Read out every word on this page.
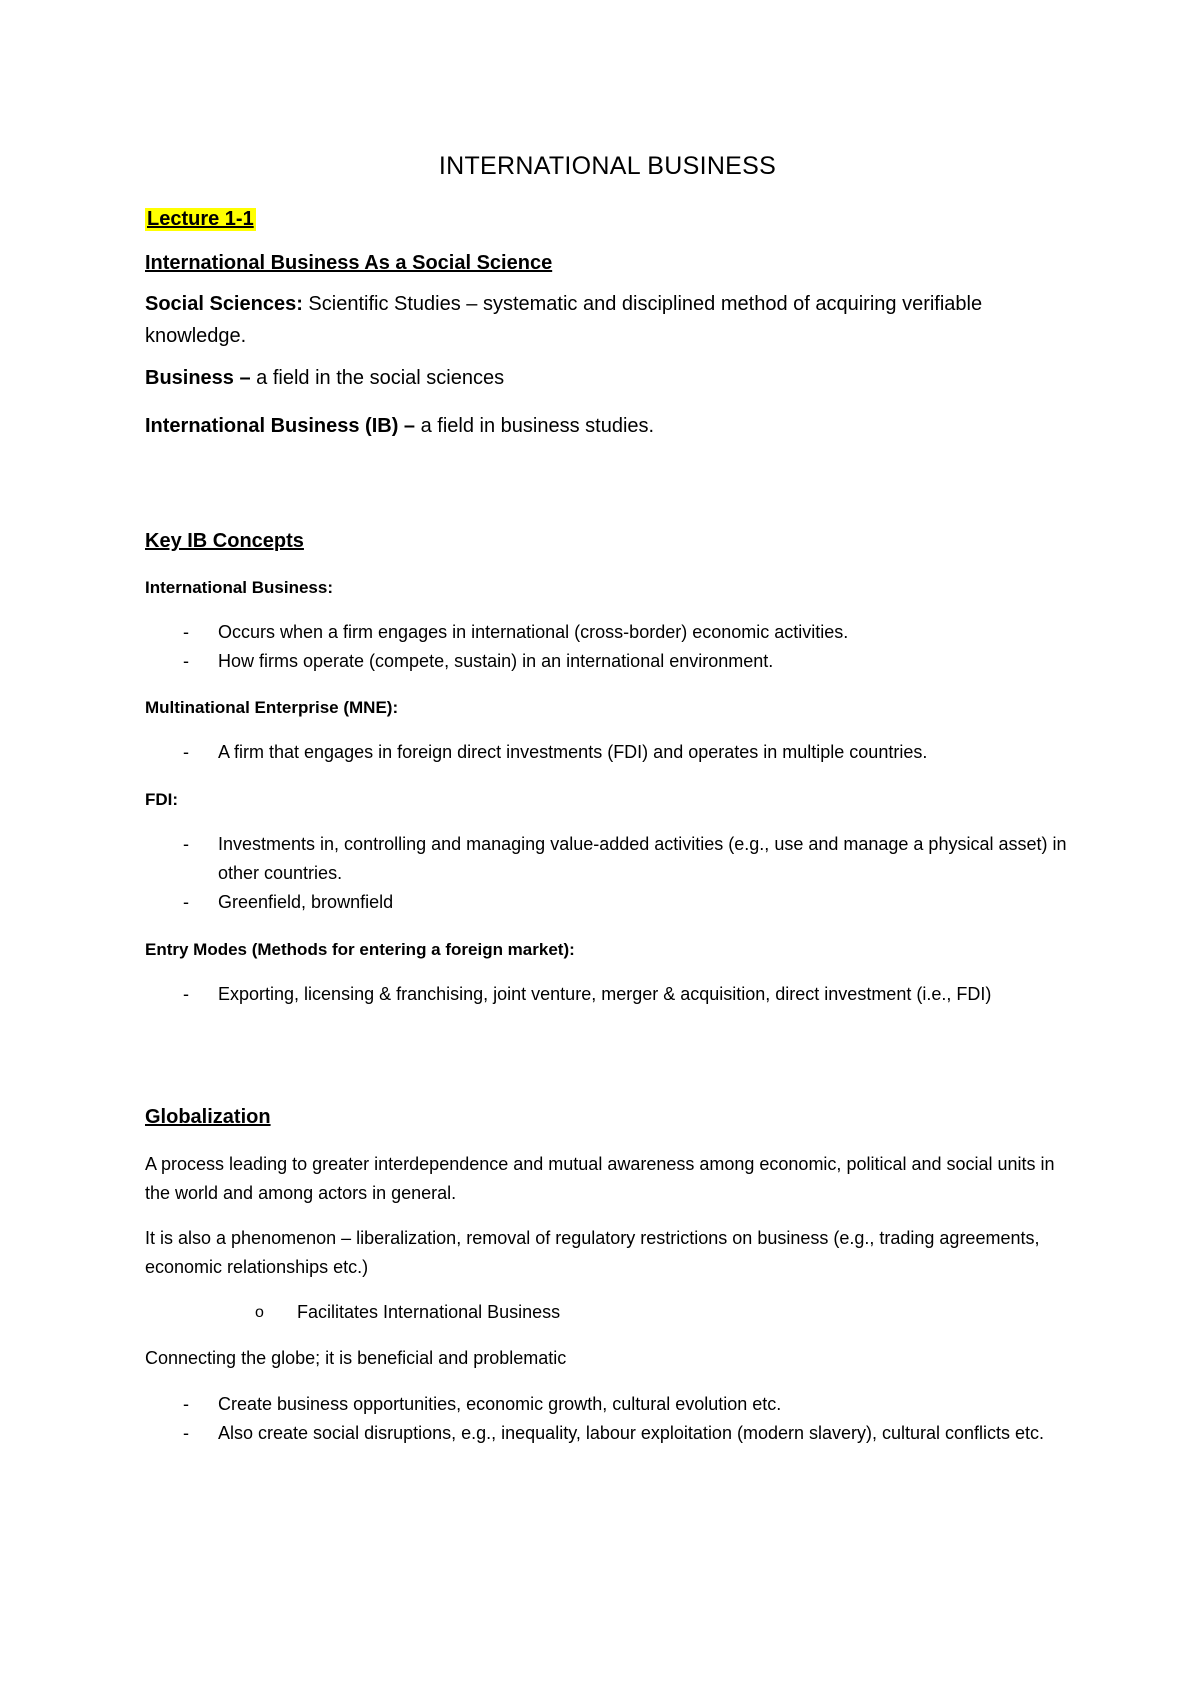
INTERNATIONAL BUSINESS
Lecture 1-1
International Business As a Social Science

Social Sciences: Scientific Studies – systematic and disciplined method of acquiring verifiable knowledge.

Business – a field in the social sciences

International Business (IB) – a field in business studies.

Key IB Concepts
International Business:
- Occurs when a firm engages in international (cross-border) economic activities.
- How firms operate (compete, sustain) in an international environment.
Multinational Enterprise (MNE):
- A firm that engages in foreign direct investments (FDI) and operates in multiple countries.
FDI:
- Investments in, controlling and managing value-added activities (e.g., use and manage a physical asset) in other countries.
- Greenfield, brownfield
Entry Modes (Methods for entering a foreign market):
- Exporting, licensing & franchising, joint venture, merger & acquisition, direct investment (i.e., FDI)
Globalization

A process leading to greater interdependence and mutual awareness among economic, political and social units in the world and among actors in general.

It is also a phenomenon – liberalization, removal of regulatory restrictions on business (e.g., trading agreements, economic relationships etc.)

o Facilitates International Business

Connecting the globe; it is beneficial and problematic

- Create business opportunities, economic growth, cultural evolution etc.
- Also create social disruptions, e.g., inequality, labour exploitation (modern slavery), cultural conflicts etc.
